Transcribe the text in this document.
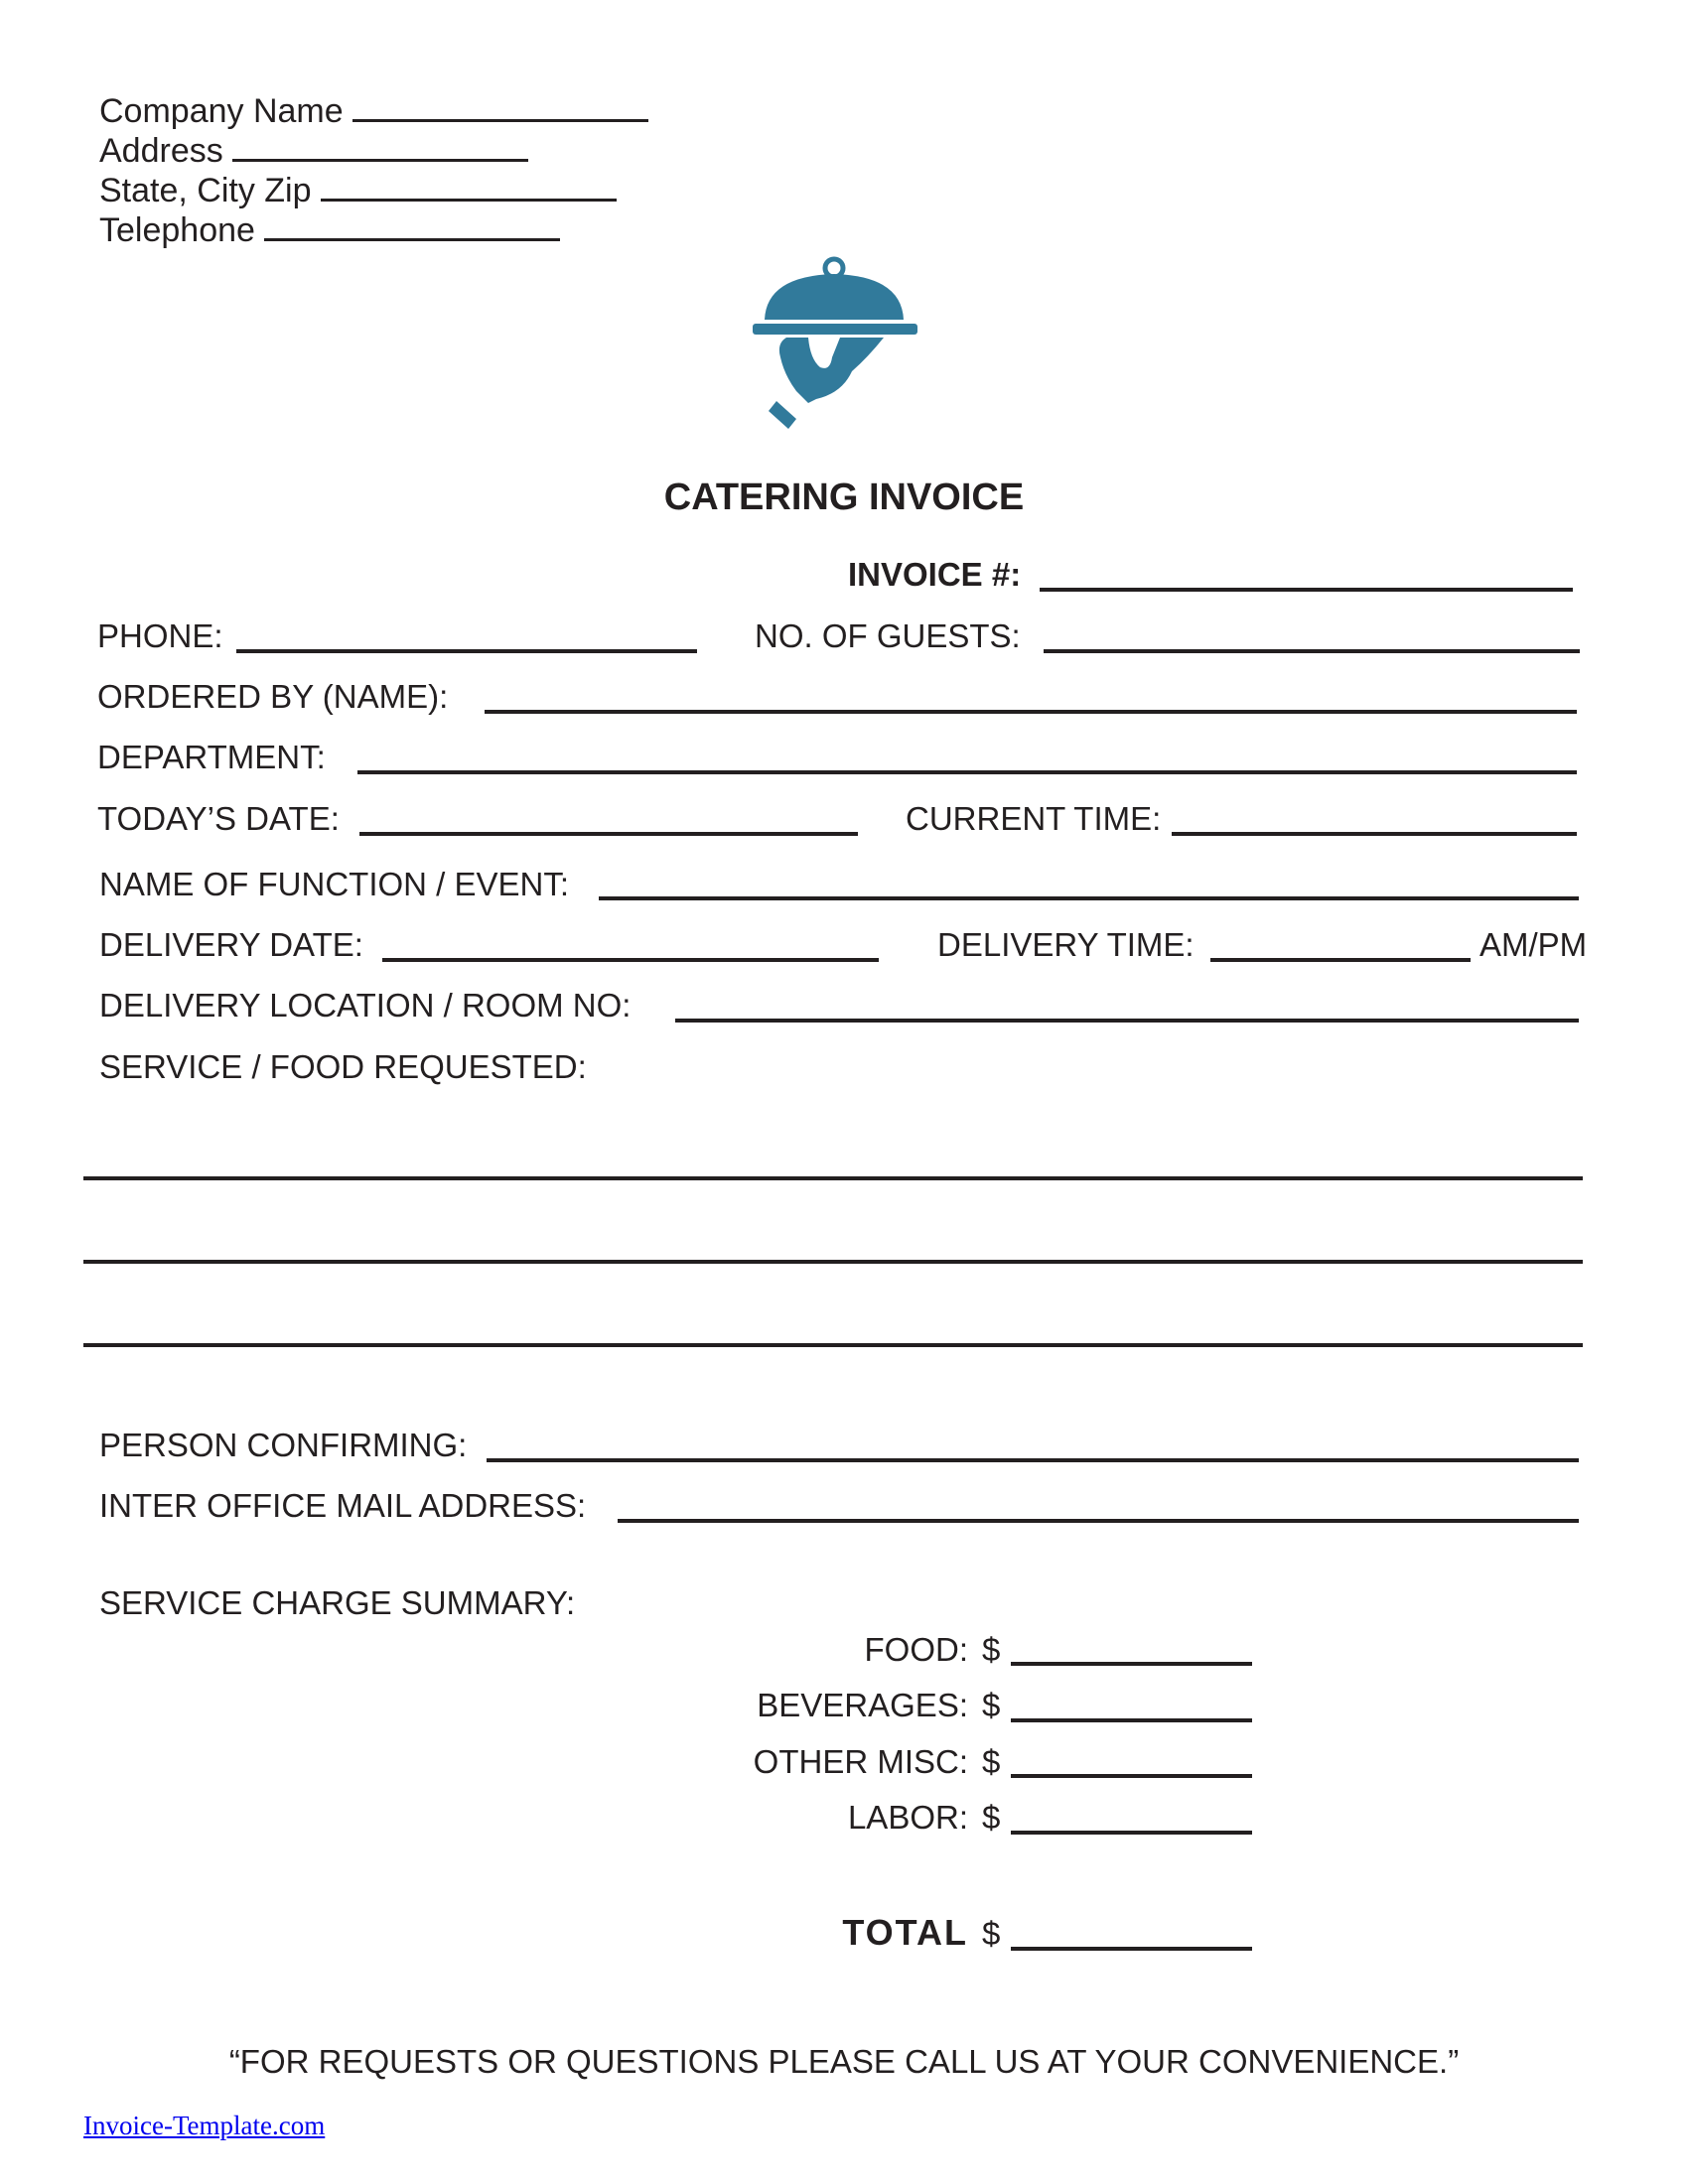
Company Name
Address
State, City Zip
Telephone
CATERING INVOICE
INVOICE #:
PHONE:	NO. OF GUESTS:
ORDERED BY (NAME):
DEPARTMENT:
TODAY’S DATE:	CURRENT TIME:
NAME OF FUNCTION / EVENT:
DELIVERY DATE:	DELIVERY TIME:	AM/PM
DELIVERY LOCATION / ROOM NO:
SERVICE / FOOD REQUESTED:
PERSON CONFIRMING:
INTER OFFICE MAIL ADDRESS:
SERVICE CHARGE SUMMARY:
FOOD: $
BEVERAGES: $
OTHER MISC: $
LABOR: $
TOTAL $
“FOR REQUESTS OR QUESTIONS PLEASE CALL US AT YOUR CONVENIENCE.”
Invoice-Template.com
